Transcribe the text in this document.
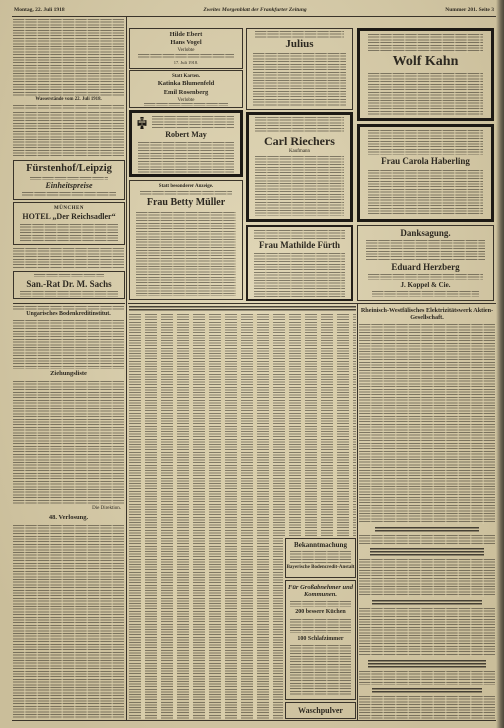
Montag, 22. Juli 1918	Zweites Morgenblatt der Frankfurter Zeitung	Nummer 201. Seite 3
Wasserstände vom 22. Juli 1918.
Fürstenhof/Leipzig
Einheitspreise
MÜNCHEN
HOTEL „Der Reichsadler“
San.-Rat Dr. M. Sachs
Ungarisches Bodenkreditinstitut.
Ziehungsliste
Die Direktion.
48. Verlosung.
Hilde Ebert
Hans Vogel
Verlobte
17. Juli 1918.
Statt Karten.
Katinka Blumenfeld
Emil Rosenberg
Verlobte
Robert May
Statt besonderer Anzeige.
Frau Betty Müller
Julius
Carl Riechers
Kaufmann
Frau Mathilde Fürth
Wolf Kahn
Frau Carola Haberling
Danksagung.
Eduard Herzberg
J. Koppel & Cie.
Bekanntmachung
Bayerische Bodencredit-Anstalt
Für Großabnehmer und Kommunen.
200 bessere Küchen
100 Schlafzimmer
Waschpulver
Rheinisch-Westfälisches Elektrizitätswerk Aktien-Gesellschaft.
